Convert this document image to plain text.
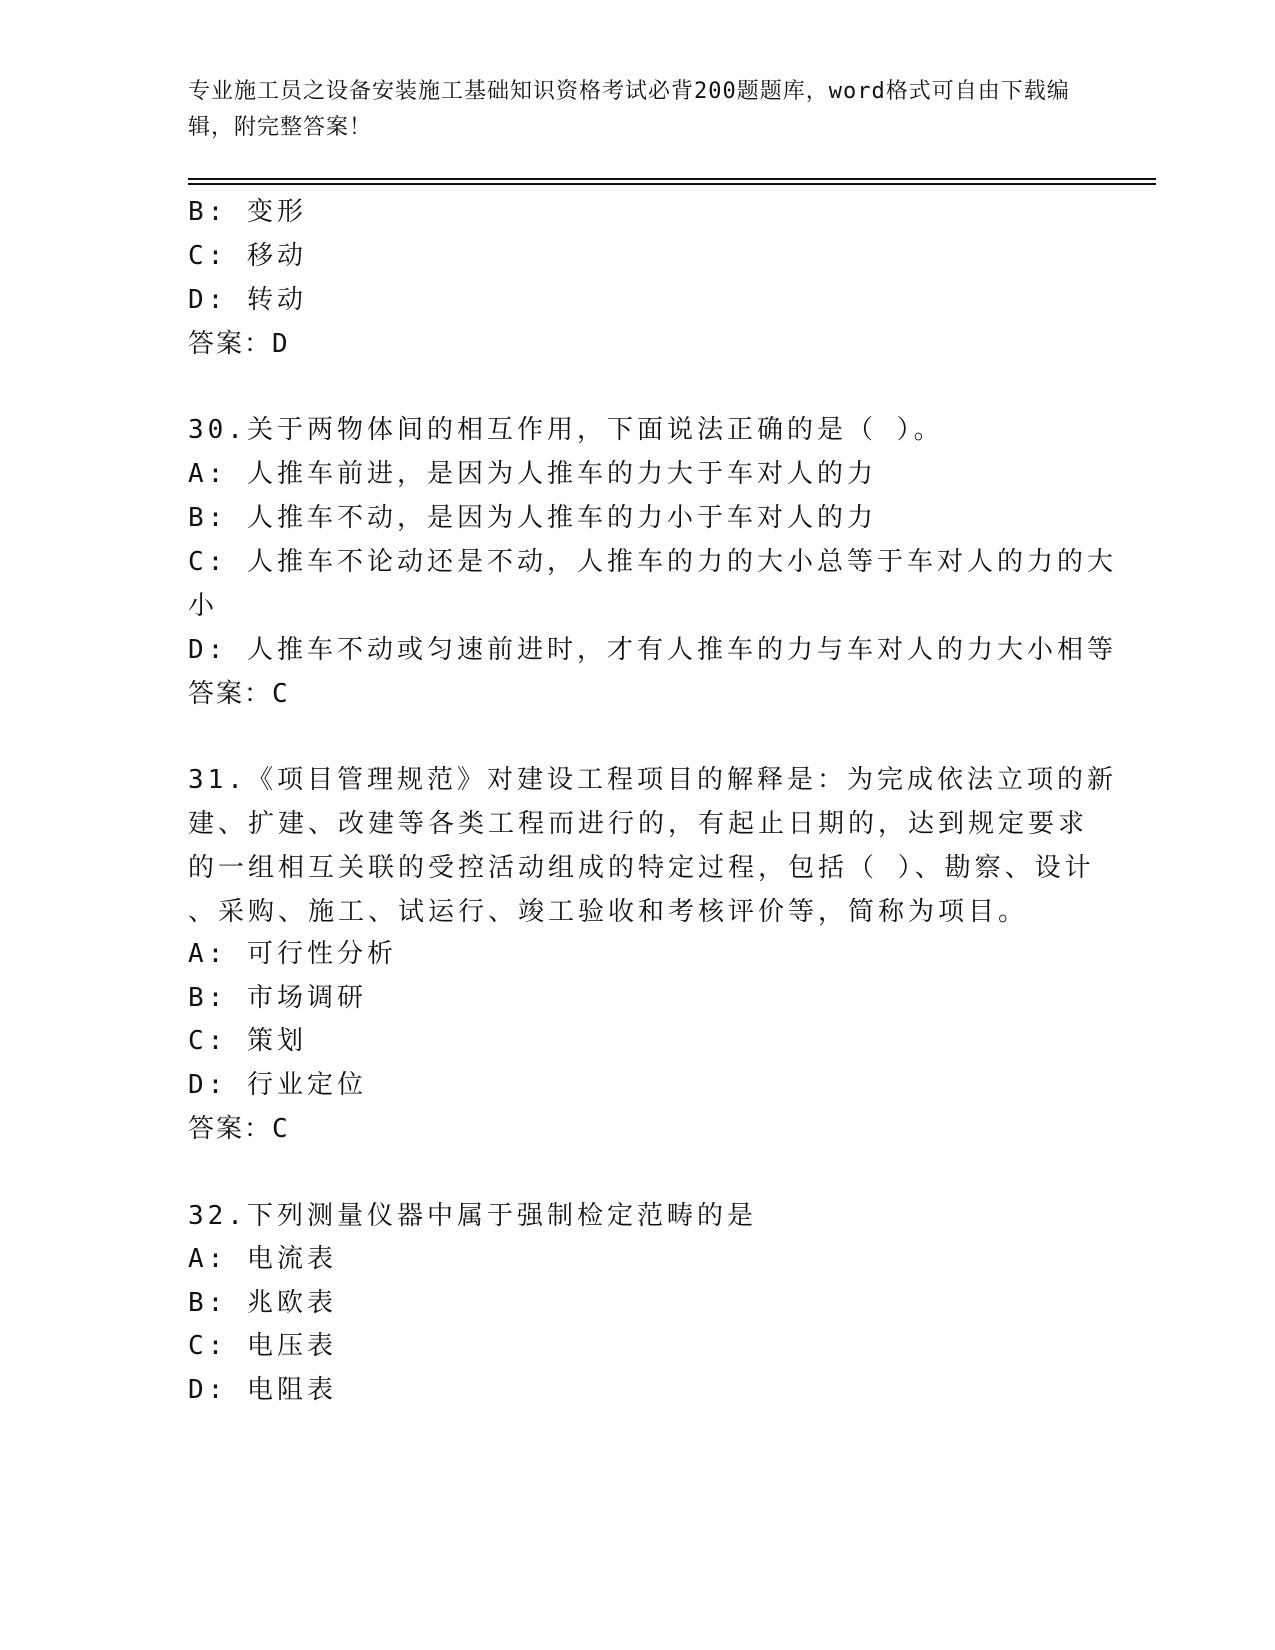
专业施工员之设备安装施工基础知识资格考试必背200题题库，word格式可自由下载编辑，附完整答案！
B: 变形
C: 移动
D: 转动
答案：D
30.关于两物体间的相互作用，下面说法正确的是（ ）。
A: 人推车前进，是因为人推车的力大于车对人的力
B: 人推车不动，是因为人推车的力小于车对人的力
C: 人推车不论动还是不动，人推车的力的大小总等于车对人的力的大
小
D: 人推车不动或匀速前进时，才有人推车的力与车对人的力大小相等
答案：C
31.《项目管理规范》对建设工程项目的解释是：为完成依法立项的新
建、扩建、改建等各类工程而进行的，有起止日期的，达到规定要求
的一组相互关联的受控活动组成的特定过程，包括（ ）、勘察、设计
、采购、施工、试运行、竣工验收和考核评价等，简称为项目。
A: 可行性分析
B: 市场调研
C: 策划
D: 行业定位
答案：C
32.下列测量仪器中属于强制检定范畴的是
A: 电流表
B: 兆欧表
C: 电压表
D: 电阻表
